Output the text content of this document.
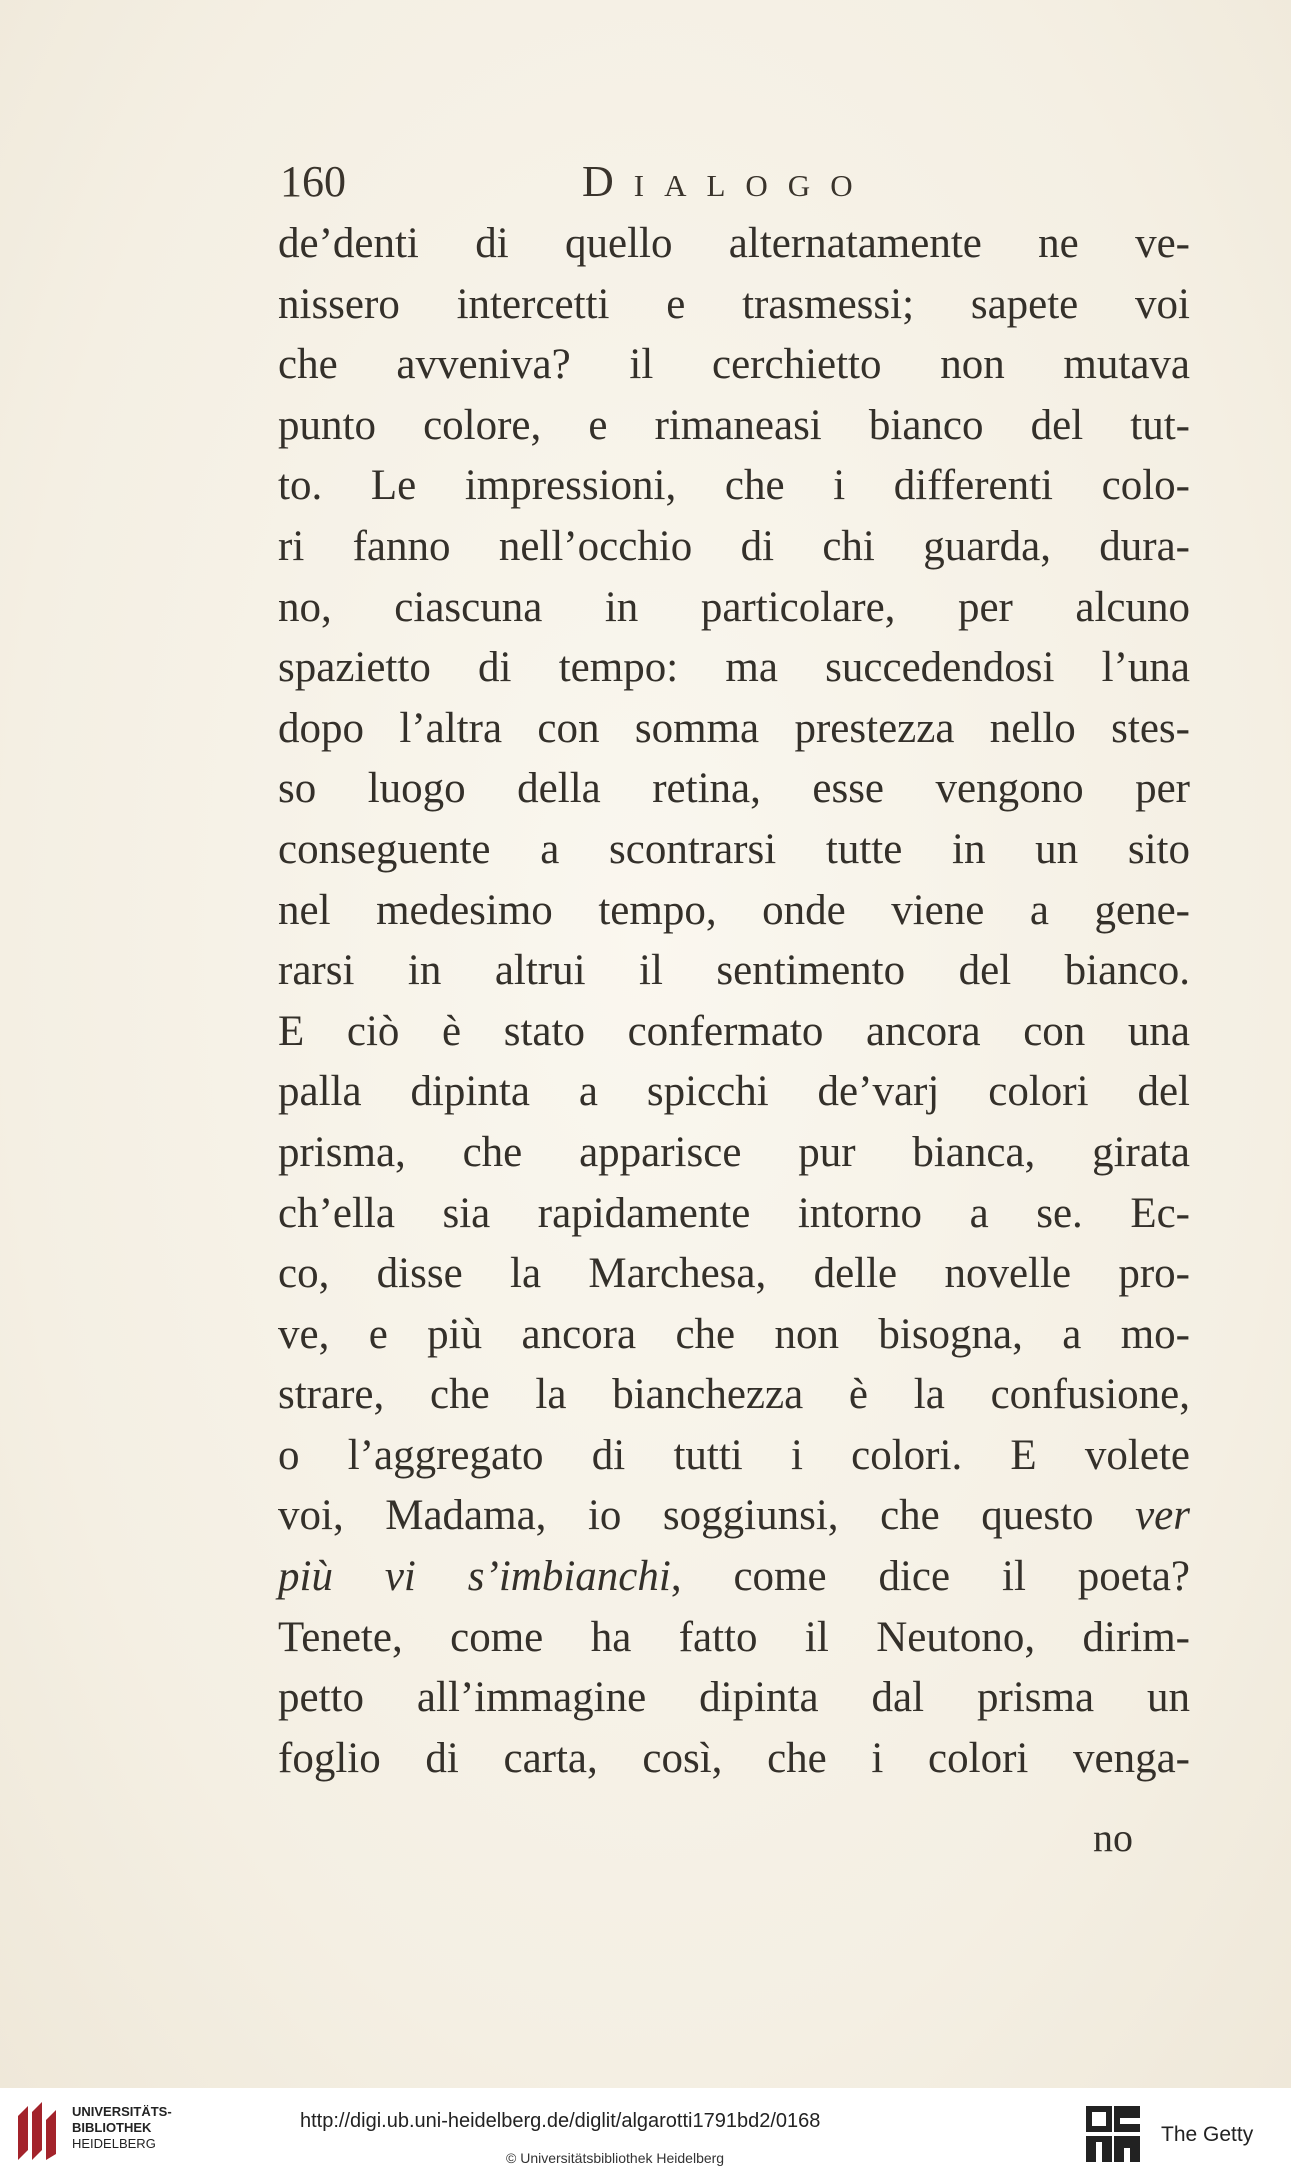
160	Dialogo
de’denti di quello alternatamente ne ve-
nissero intercetti e trasmessi; sapete voi
che avveniva? il cerchietto non mutava
punto colore, e rimaneasi bianco del tut-
to. Le impressioni, che i differenti colo-
ri fanno nell’occhio di chi guarda, dura-
no, ciascuna in particolare, per alcuno
spazietto di tempo: ma succedendosi l’una
dopo l’altra con somma prestezza nello stes-
so luogo della retina, esse vengono per
conseguente a scontrarsi tutte in un sito
nel medesimo tempo, onde viene a gene-
rarsi in altrui il sentimento del bianco.
E ciò è stato confermato ancora con una
palla dipinta a spicchi de’varj colori del
prisma, che apparisce pur bianca, girata
ch’ella sia rapidamente intorno a se. Ec-
co, disse la Marchesa, delle novelle pro-
ve, e più ancora che non bisogna, a mo-
strare, che la bianchezza è la confusione,
o l’aggregato di tutti i colori. E volete
voi, Madama, io soggiunsi, che questo ver
più vi s’imbianchi, come dice il poeta?
Tenete, come ha fatto il Neutono, dirim-
petto all’immagine dipinta dal prisma un
foglio di carta, così, che i colori venga-
no
UNIVERSITÄTS-
BIBLIOTHEK
HEIDELBERG
http://digi.ub.uni-heidelberg.de/diglit/algarotti1791bd2/0168
© Universitätsbibliothek Heidelberg
The Getty
